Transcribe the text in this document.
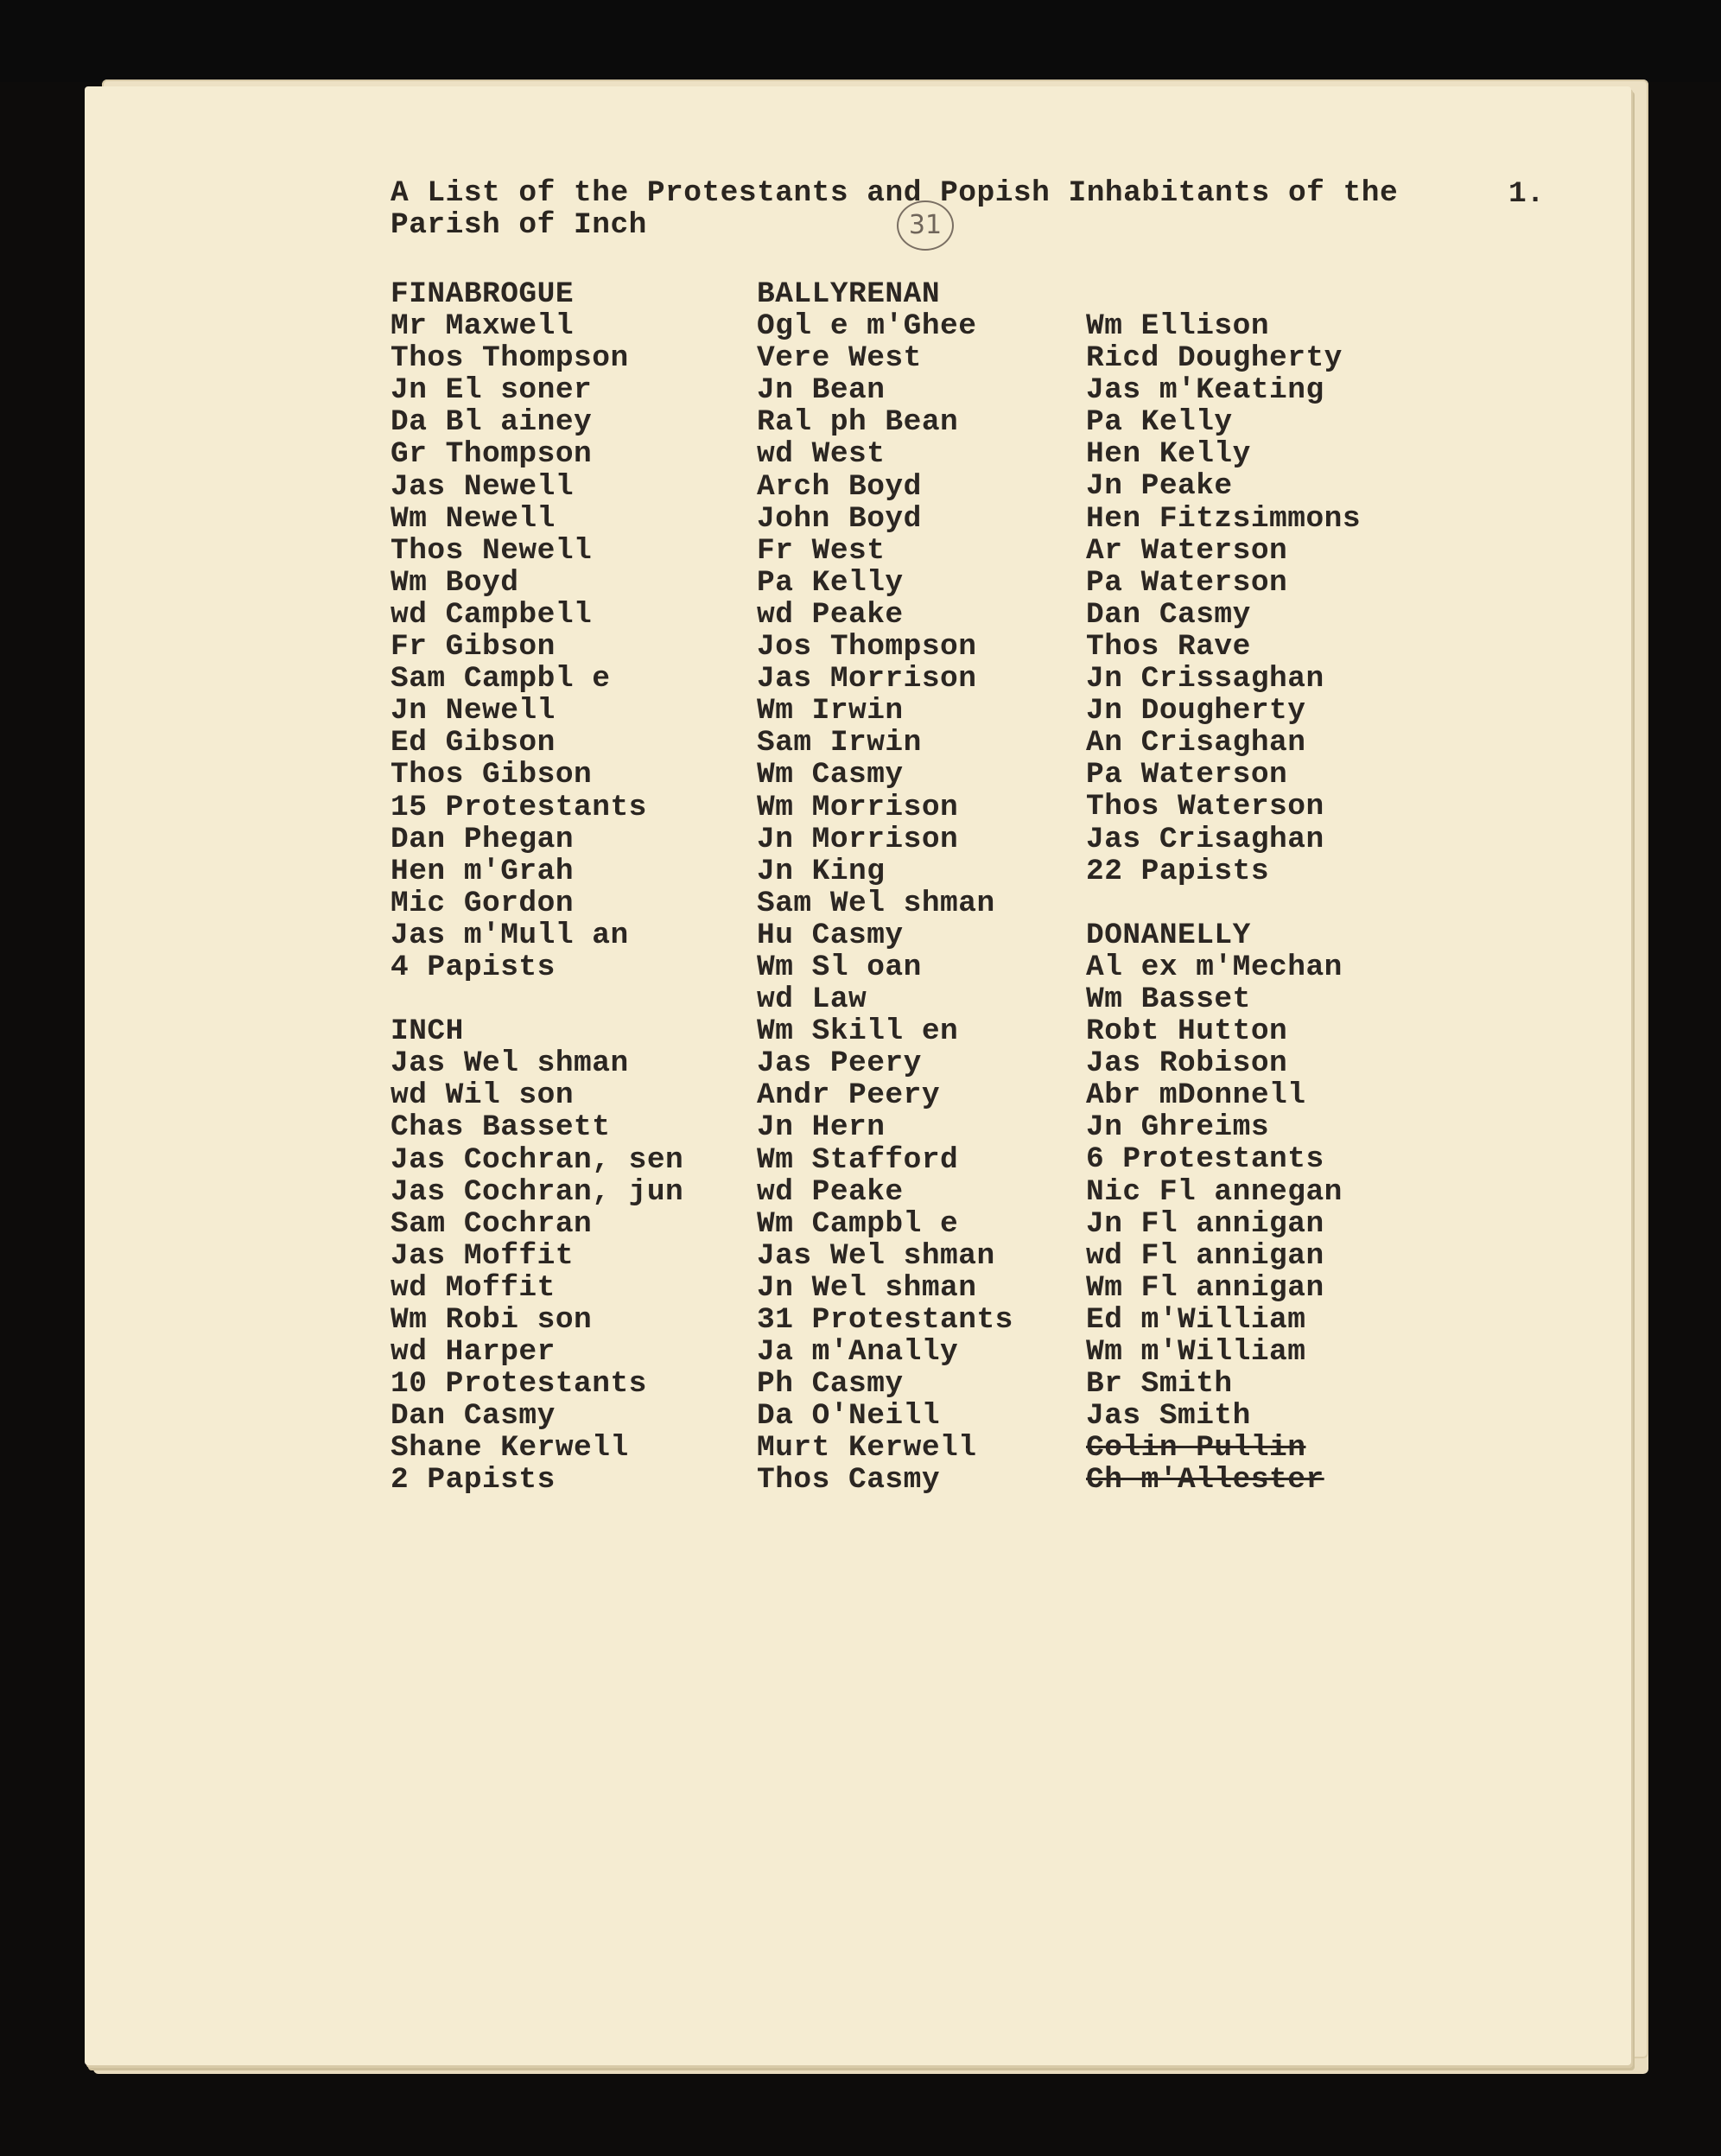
31
A List of the Protestants and Popish Inhabitants of the
Parish of Inch
1.
FINABROGUE
Mr Maxwell
Thos Thompson
Jn El soner
Da Bl ainey
Gr Thompson
Jas Newell
Wm Newell
Thos Newell
Wm Boyd
wd Campbell
Fr Gibson
Sam Campbl e
Jn Newell
Ed Gibson
Thos Gibson
15 Protestants
Dan Phegan
Hen m'Grah
Mic Gordon
Jas m'Mull an
4 Papists
INCH
Jas Wel shman
wd Wil son
Chas Bassett
Jas Cochran, sen
Jas Cochran, jun
Sam Cochran
Jas Moffit
wd Moffit
Wm Robi son
wd Harper
10 Protestants
Dan Casmy
Shane Kerwell
2 Papists
BALLYRENAN
Ogl e m'Ghee
Vere West
Jn Bean
Ral ph Bean
wd West
Arch Boyd
John Boyd
Fr West
Pa Kelly
wd Peake
Jos Thompson
Jas Morrison
Wm Irwin
Sam Irwin
Wm Casmy
Wm Morrison
Jn Morrison
Jn King
Sam Wel shman
Hu Casmy
Wm Sl oan
wd Law
Wm Skill en
Jas Peery
Andr Peery
Jn Hern
Wm Stafford
wd Peake
Wm Campbl e
Jas Wel shman
Jn Wel shman
31 Protestants
Ja m'Anally
Ph Casmy
Da O'Neill
Murt Kerwell
Thos Casmy
Wm Ellison
Ricd Dougherty
Jas m'Keating
Pa Kelly
Hen Kelly
Jn Peake
Hen Fitzsimmons
Ar Waterson
Pa Waterson
Dan Casmy
Thos Rave
Jn Crissaghan
Jn Dougherty
An Crisaghan
Pa Waterson
Thos Waterson
Jas Crisaghan
22 Papists
DONANELLY
Al ex m'Mechan
Wm Basset
Robt Hutton
Jas Robison
Abr mDonnell
Jn Ghreims
6 Protestants
Nic Fl annegan
Jn Fl annigan
wd Fl annigan
Wm Fl annigan
Ed m'William
Wm m'William
Br Smith
Jas Smith
Colin Pullin
Ch m'Allester
